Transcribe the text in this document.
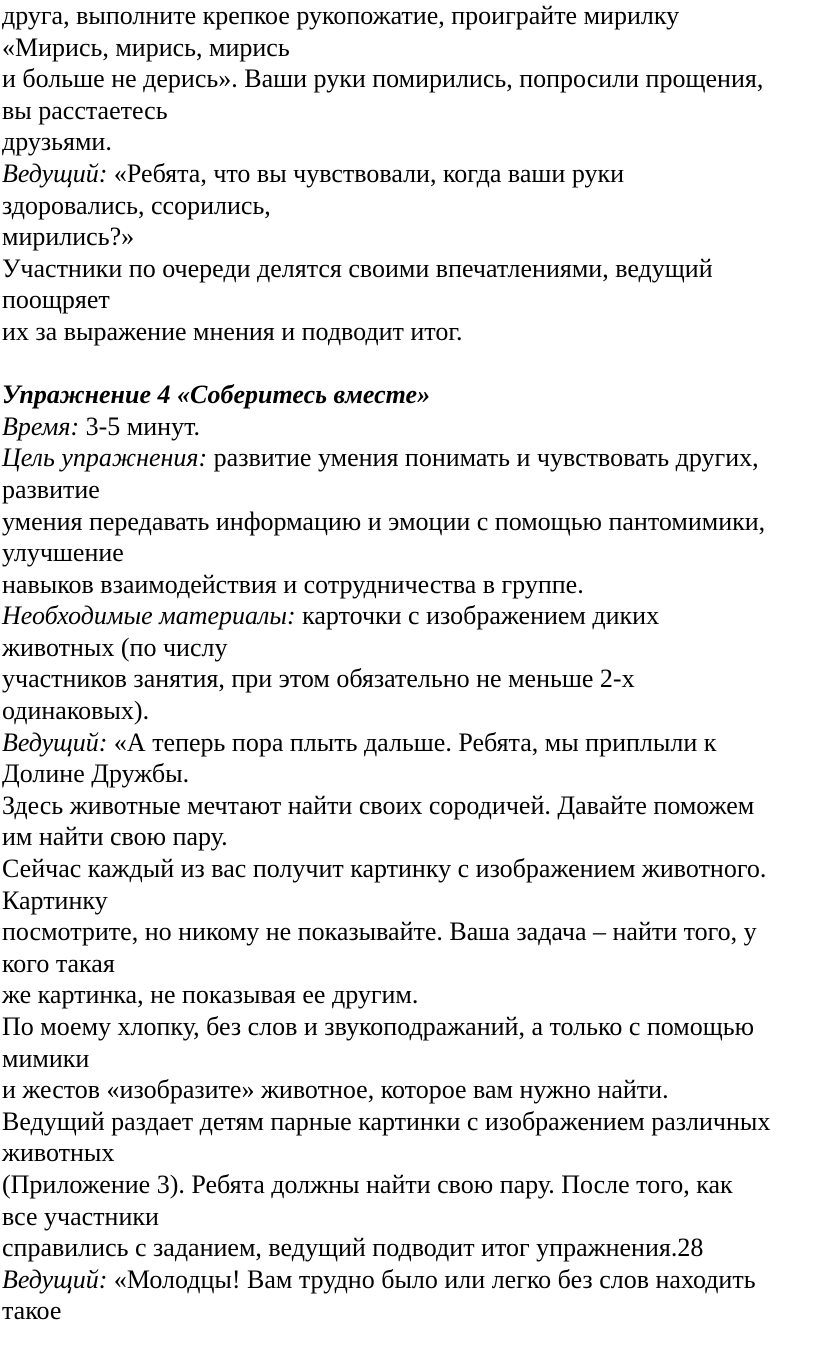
друга, выполните крепкое рукопожатие, проиграйте мирилку
«Мирись, мирись, мирись
и больше не дерись». Ваши руки помирились, попросили прощения,
вы расстаетесь
друзьями.
Ведущий: «Ребята, что вы чувствовали, когда ваши руки
здоровались, ссорились,
мирились?»
Участники по очереди делятся своими впечатлениями, ведущий
поощряет
их за выражение мнения и подводит итог.
Упражнение 4 «Соберитесь вместе»
Время: 3-5 минут.
Цель упражнения: развитие умения понимать и чувствовать других,
развитие
умения передавать информацию и эмоции с помощью пантомимики,
улучшение
навыков взаимодействия и сотрудничества в группе.
Необходимые материалы: карточки с изображением диких
животных (по числу
участников занятия, при этом обязательно не меньше 2-х
одинаковых).
Ведущий: «А теперь пора плыть дальше. Ребята, мы приплыли к
Долине Дружбы.
Здесь животные мечтают найти своих сородичей. Давайте поможем
им найти свою пару.
Сейчас каждый из вас получит картинку с изображением животного.
Картинку
посмотрите, но никому не показывайте. Ваша задача – найти того, у
кого такая
же картинка, не показывая ее другим.
По моему хлопку, без слов и звукоподражаний, а только с помощью
мимики
и жестов «изобразите» животное, которое вам нужно найти.
Ведущий раздает детям парные картинки с изображением различных
животных
(Приложение 3). Ребята должны найти свою пару. После того, как
все участники
справились с заданием, ведущий подводит итог упражнения.28
Ведущий: «Молодцы! Вам трудно было или легко без слов находить
такое
